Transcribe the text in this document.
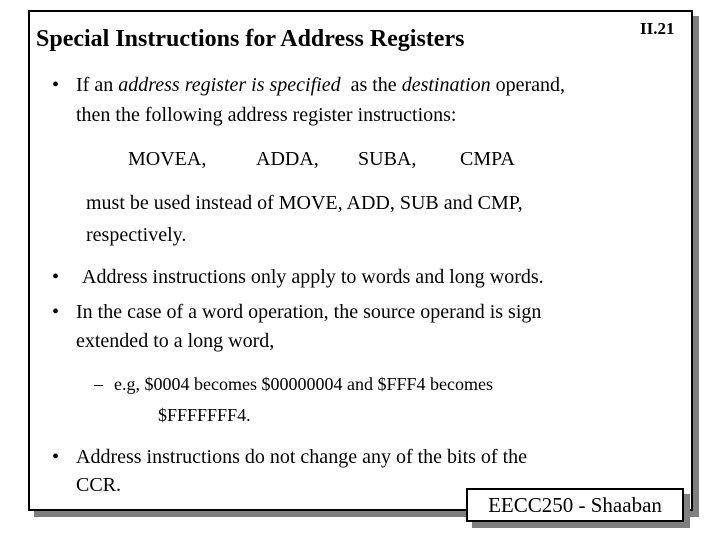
Special Instructions for Address Registers	II.21
• If an address register is specified  as the destination operand,
then the following address register instructions:
MOVEA, ADDA, SUBA, CMPA
must be used instead of MOVE, ADD, SUB and CMP,
respectively.
• Address instructions only apply to words and long words.
• In the case of a word operation, the source operand is sign
extended to a long word,
– e.g, $0004 becomes $00000004 and $FFF4 becomes
$FFFFFFF4.
• Address instructions do not change any of the bits of the
CCR.
EECC250 - Shaaban
